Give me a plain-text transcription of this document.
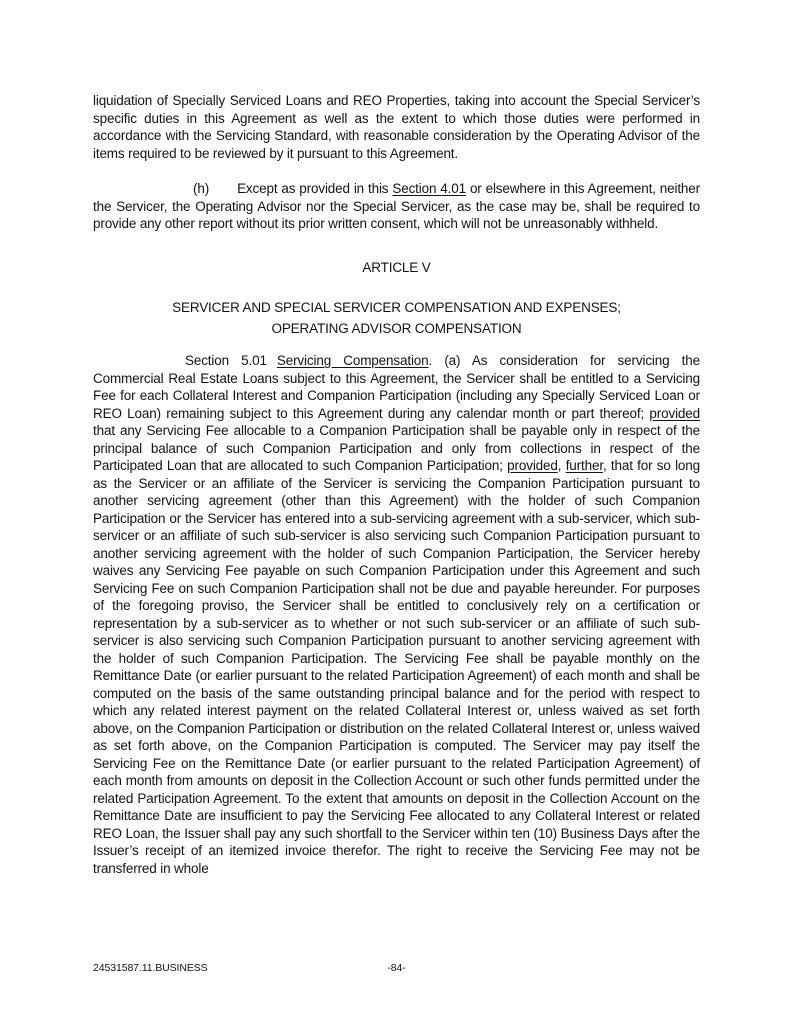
liquidation of Specially Serviced Loans and REO Properties, taking into account the Special Servicer’s specific duties in this Agreement as well as the extent to which those duties were performed in accordance with the Servicing Standard, with reasonable consideration by the Operating Advisor of the items required to be reviewed by it pursuant to this Agreement.

(h) Except as provided in this Section 4.01 or elsewhere in this Agreement, neither the Servicer, the Operating Advisor nor the Special Servicer, as the case may be, shall be required to provide any other report without its prior written consent, which will not be unreasonably withheld.

ARTICLE V
SERVICER AND SPECIAL SERVICER COMPENSATION AND EXPENSES;
OPERATING ADVISOR COMPENSATION

Section 5.01 Servicing Compensation. (a) As consideration for servicing the Commercial Real Estate Loans subject to this Agreement, the Servicer shall be entitled to a Servicing Fee for each Collateral Interest and Companion Participation (including any Specially Serviced Loan or REO Loan) remaining subject to this Agreement during any calendar month or part thereof; provided that any Servicing Fee allocable to a Companion Participation shall be payable only in respect of the principal balance of such Companion Participation and only from collections in respect of the Participated Loan that are allocated to such Companion Participation; provided, further, that for so long as the Servicer or an affiliate of the Servicer is servicing the Companion Participation pursuant to another servicing agreement (other than this Agreement) with the holder of such Companion Participation or the Servicer has entered into a sub-servicing agreement with a sub-servicer, which sub-servicer or an affiliate of such sub-servicer is also servicing such Companion Participation pursuant to another servicing agreement with the holder of such Companion Participation, the Servicer hereby waives any Servicing Fee payable on such Companion Participation under this Agreement and such Servicing Fee on such Companion Participation shall not be due and payable hereunder. For purposes of the foregoing proviso, the Servicer shall be entitled to conclusively rely on a certification or representation by a sub-servicer as to whether or not such sub-servicer or an affiliate of such sub-servicer is also servicing such Companion Participation pursuant to another servicing agreement with the holder of such Companion Participation. The Servicing Fee shall be payable monthly on the Remittance Date (or earlier pursuant to the related Participation Agreement) of each month and shall be computed on the basis of the same outstanding principal balance and for the period with respect to which any related interest payment on the related Collateral Interest or, unless waived as set forth above, on the Companion Participation or distribution on the related Collateral Interest or, unless waived as set forth above, on the Companion Participation is computed. The Servicer may pay itself the Servicing Fee on the Remittance Date (or earlier pursuant to the related Participation Agreement) of each month from amounts on deposit in the Collection Account or such other funds permitted under the related Participation Agreement. To the extent that amounts on deposit in the Collection Account on the Remittance Date are insufficient to pay the Servicing Fee allocated to any Collateral Interest or related REO Loan, the Issuer shall pay any such shortfall to the Servicer within ten (10) Business Days after the Issuer’s receipt of an itemized invoice therefor. The right to receive the Servicing Fee may not be transferred in whole

-84-
24531587.11.BUSINESS
